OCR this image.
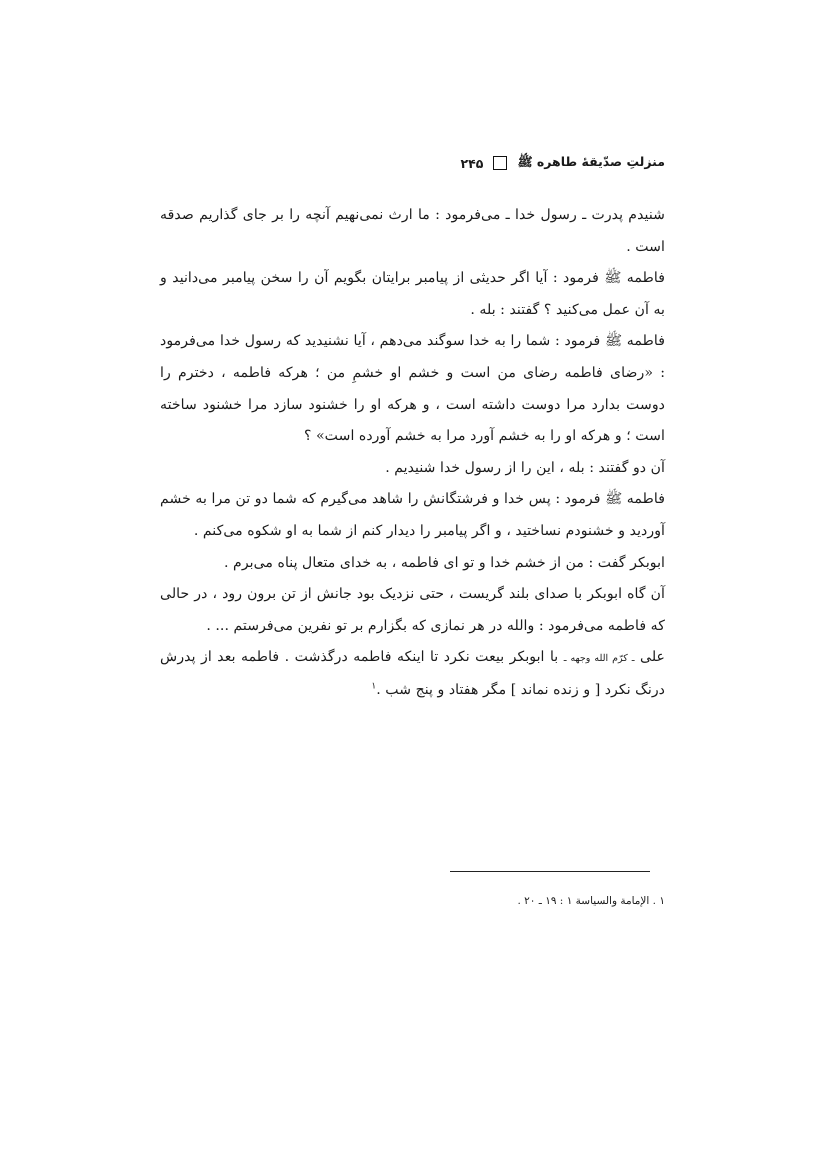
منزلتِ صدّيقهٔ طاهره ﷺ
۲۴۵

شنیدم پدرت ـ رسول خدا ـ می‌فرمود : ما ارث نمی‌نهیم آنچه را بر جای گذاریم صدقه است .

فاطمه ﷺ فرمود : آیا اگر حدیثی از پیامبر برایتان بگویم آن را سخن پیامبر می‌دانید و به آن عمل می‌کنید ؟ گفتند : بله .

فاطمه ﷺ فرمود : شما را به خدا سوگند می‌دهم ، آیا نشنیدید که رسول خدا می‌فرمود : «رضای فاطمه رضای من است و خشم او خشمِ من ؛ هرکه فاطمه ، دخترم را دوست بدارد مرا دوست داشته است ، و هرکه او را خشنود سازد مرا خشنود ساخته است ؛ و هرکه او را به خشم آورد مرا به خشم آورده است» ؟

آن دو گفتند : بله ، این را از رسول خدا شنیدیم .

فاطمه ﷺ فرمود : پس خدا و فرشتگانش را شاهد می‌گیرم که شما دو تن مرا به خشم آوردید و خشنودم نساختید ، و اگر پیامبر را دیدار کنم از شما به او شکوه می‌کنم .

ابوبکر گفت : من از خشم خدا و تو ای فاطمه ، به خدای متعال پناه می‌برم .

آن گاه ابوبکر با صدای بلند گریست ، حتی نزدیک بود جانش از تن برون رود ، در حالی که فاطمه می‌فرمود : والله در هر نمازی که بگزارم بر تو نفرین می‌فرستم ... .

علی ـ کرّم الله وجهه ـ با ابوبکر بیعت نکرد تا اینکه فاطمه درگذشت . فاطمه بعد از پدرش درنگ نکرد [ و زنده نماند ] مگر هفتاد و پنج شب .$^١$

١ . الإمامة والسياسة ١ : ١٩ ـ ٢٠ .
